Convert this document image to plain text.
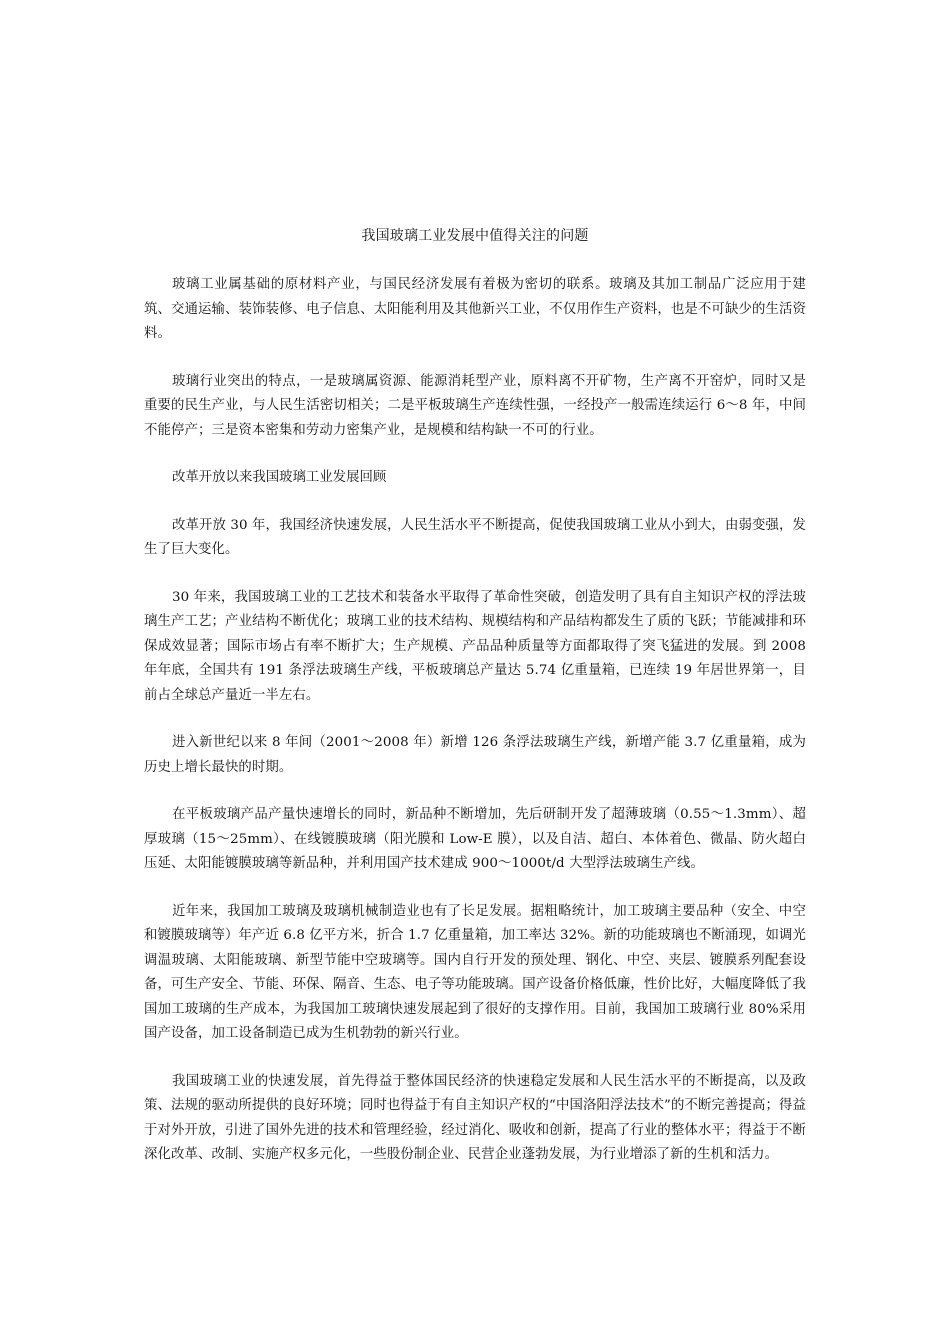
我国玻璃工业发展中值得关注的问题

玻璃工业属基础的原材料产业，与国民经济发展有着极为密切的联系。玻璃及其加工制品广泛应用于建筑、交通运输、装饰装修、电子信息、太阳能利用及其他新兴工业，不仅用作生产资料，也是不可缺少的生活资料。

玻璃行业突出的特点，一是玻璃属资源、能源消耗型产业，原料离不开矿物，生产离不开窑炉，同时又是重要的民生产业，与人民生活密切相关；二是平板玻璃生产连续性强，一经投产一般需连续运行 6～8 年，中间不能停产；三是资本密集和劳动力密集产业，是规模和结构缺一不可的行业。

改革开放以来我国玻璃工业发展回顾

改革开放 30 年，我国经济快速发展，人民生活水平不断提高，促使我国玻璃工业从小到大，由弱变强，发生了巨大变化。

30 年来，我国玻璃工业的工艺技术和装备水平取得了革命性突破，创造发明了具有自主知识产权的浮法玻璃生产工艺；产业结构不断优化；玻璃工业的技术结构、规模结构和产品结构都发生了质的飞跃；节能减排和环保成效显著；国际市场占有率不断扩大；生产规模、产品品种质量等方面都取得了突飞猛进的发展。到 2008 年年底，全国共有 191 条浮法玻璃生产线，平板玻璃总产量达 5.74 亿重量箱，已连续 19 年居世界第一，目前占全球总产量近一半左右。

进入新世纪以来 8 年间（2001～2008 年）新增 126 条浮法玻璃生产线，新增产能 3.7 亿重量箱，成为历史上增长最快的时期。

在平板玻璃产品产量快速增长的同时，新品种不断增加，先后研制开发了超薄玻璃（0.55～1.3mm）、超厚玻璃（15～25mm）、在线镀膜玻璃（阳光膜和 Low-E 膜），以及自洁、超白、本体着色、微晶、防火超白压延、太阳能镀膜玻璃等新品种，并利用国产技术建成 900～1000t/d 大型浮法玻璃生产线。

近年来，我国加工玻璃及玻璃机械制造业也有了长足发展。据粗略统计，加工玻璃主要品种（安全、中空和镀膜玻璃等）年产近 6.8 亿平方米，折合 1.7 亿重量箱，加工率达 32%。新的功能玻璃也不断涌现，如调光调温玻璃、太阳能玻璃、新型节能中空玻璃等。国内自行开发的预处理、钢化、中空、夹层、镀膜系列配套设备，可生产安全、节能、环保、隔音、生态、电子等功能玻璃。国产设备价格低廉，性价比好，大幅度降低了我国加工玻璃的生产成本，为我国加工玻璃快速发展起到了很好的支撑作用。目前，我国加工玻璃行业 80%采用国产设备，加工设备制造已成为生机勃勃的新兴行业。

我国玻璃工业的快速发展，首先得益于整体国民经济的快速稳定发展和人民生活水平的不断提高，以及政策、法规的驱动所提供的良好环境；同时也得益于有自主知识产权的“中国洛阳浮法技术”的不断完善提高；得益于对外开放，引进了国外先进的技术和管理经验，经过消化、吸收和创新，提高了行业的整体水平；得益于不断深化改革、改制、实施产权多元化，一些股份制企业、民营企业蓬勃发展，为行业增添了新的生机和活力。
